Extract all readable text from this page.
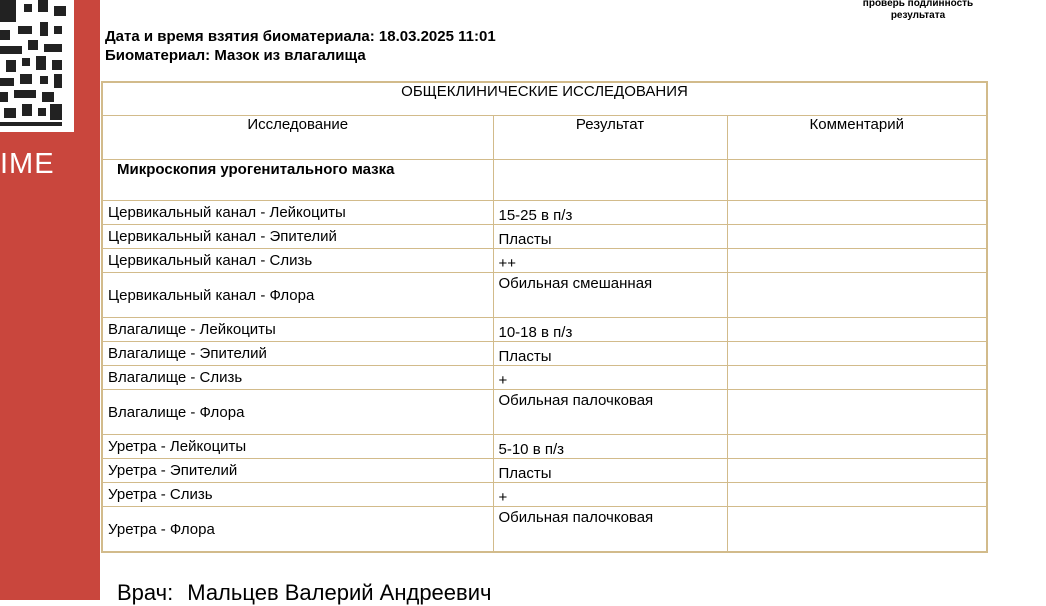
IME
проверь подлинность результата
Дата и время взятия биоматериала: 18.03.2025 11:01
Биоматериал: Мазок из влагалища
ОБЩЕКЛИНИЧЕСКИЕ ИССЛЕДОВАНИЯ		
Исследование	Результат	Комментарий
Микроскопия урогенитального мазка		
Цервикальный канал - Лейкоциты	15-25 в п/з	
Цервикальный канал - Эпителий	Пласты	
Цервикальный канал - Слизь	++	
Цервикальный канал - Флора	Обильная смешанная	
Влагалище - Лейкоциты	10-18 в п/з	
Влагалище - Эпителий	Пласты	
Влагалище - Слизь	+	
Влагалище - Флора	Обильная палочковая	
Уретра - Лейкоциты	5-10 в п/з	
Уретра - Эпителий	Пласты	
Уретра - Слизь	+	
Уретра - Флора	Обильная палочковая	
Врач: Мальцев Валерий Андреевич
